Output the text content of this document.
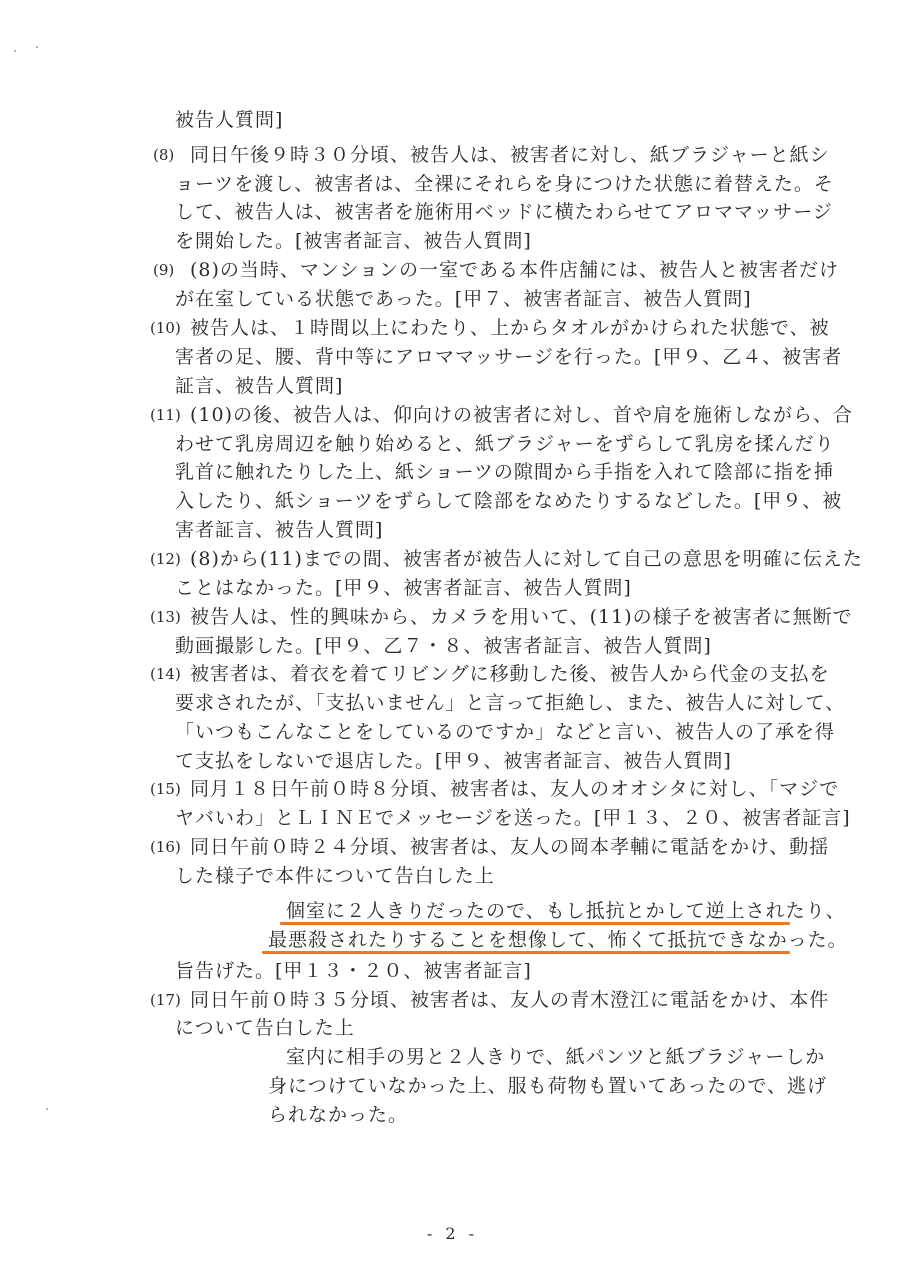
(8)
(9)
(10)
(11)
(12)
(13)
(14)
(15)
(16)
(17)
被告人質問]
同日午後９時３０分頃、被告人は、被害者に対し、紙ブラジャーと紙シ
ョーツを渡し、被害者は、全裸にそれらを身につけた状態に着替えた。そ
して、被告人は、被害者を施術用ベッドに横たわらせてアロママッサージ
を開始した。[被害者証言、被告人質問]
(8)の当時、マンションの一室である本件店舗には、被告人と被害者だけ
が在室している状態であった。[甲７、被害者証言、被告人質問]
被告人は、１時間以上にわたり、上からタオルがかけられた状態で、被
害者の足、腰、背中等にアロママッサージを行った。[甲９、乙４、被害者
証言、被告人質問]
(10)の後、被告人は、仰向けの被害者に対し、首や肩を施術しながら、合
わせて乳房周辺を触り始めると、紙ブラジャーをずらして乳房を揉んだり
乳首に触れたりした上、紙ショーツの隙間から手指を入れて陰部に指を挿
入したり、紙ショーツをずらして陰部をなめたりするなどした。[甲９、被
害者証言、被告人質問]
(8)から(11)までの間、被害者が被告人に対して自己の意思を明確に伝えた
ことはなかった。[甲９、被害者証言、被告人質問]
被告人は、性的興味から、カメラを用いて、(11)の様子を被害者に無断で
動画撮影した。[甲９、乙７・８、被害者証言、被告人質問]
被害者は、着衣を着てリビングに移動した後、被告人から代金の支払を
要求されたが、「支払いません」と言って拒絶し、また、被告人に対して、
「いつもこんなことをしているのですか」などと言い、被告人の了承を得
て支払をしないで退店した。[甲９、被害者証言、被告人質問]
同月１８日午前０時８分頃、被害者は、友人のオオシタに対し、「マジで
ヤバいわ」とＬＩＮＥでメッセージを送った。[甲１３、２０、被害者証言]
同日午前０時２４分頃、被害者は、友人の岡本孝輔に電話をかけ、動揺
した様子で本件について告白した上
個室に２人きりだったので、もし抵抗とかして逆上されたり、
最悪殺されたりすることを想像して、怖くて抵抗できなかった。
旨告げた。[甲１３・２０、被害者証言]
同日午前０時３５分頃、被害者は、友人の青木澄江に電話をかけ、本件
について告白した上
室内に相手の男と２人きりで、紙パンツと紙ブラジャーしか
身につけていなかった上、服も荷物も置いてあったので、逃げ
られなかった。
- 2 -
